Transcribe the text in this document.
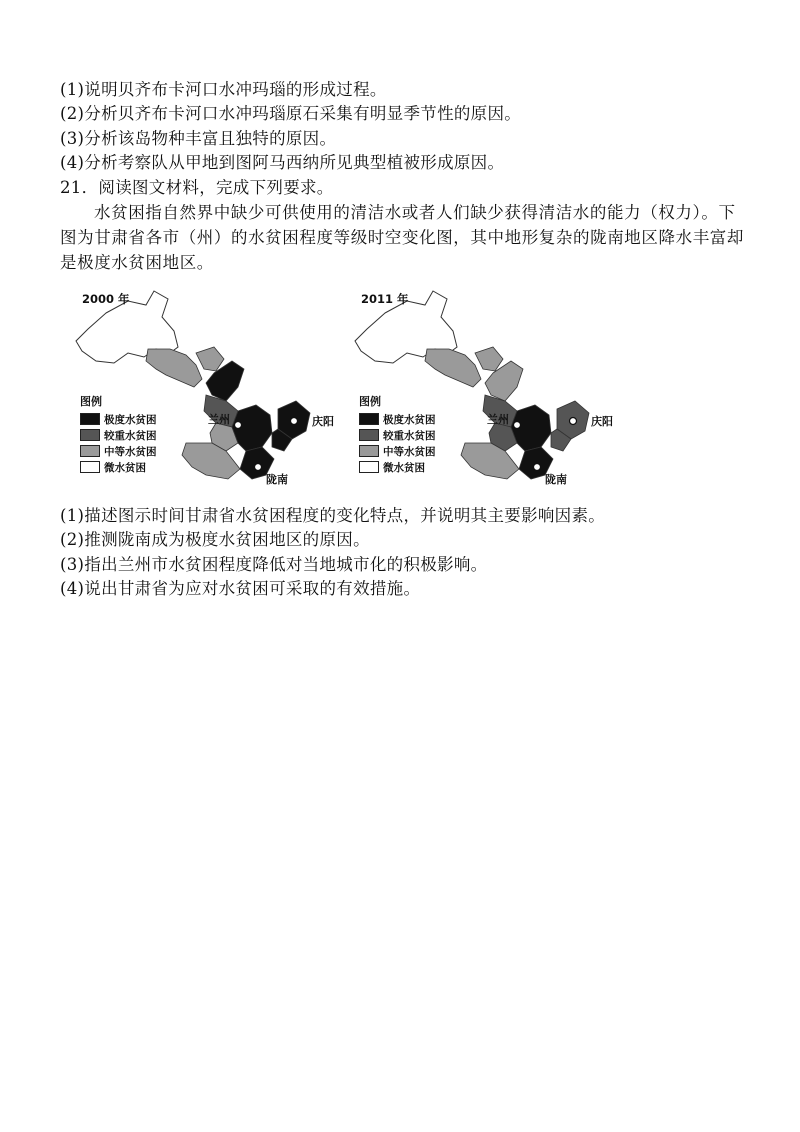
(1)说明贝齐布卡河口水冲玛瑙的形成过程。
(2)分析贝齐布卡河口水冲玛瑙原石采集有明显季节性的原因。
(3)分析该岛物种丰富且独特的原因。
(4)分析考察队从甲地到图阿马西纳所见典型植被形成原因。
21．阅读图文材料，完成下列要求。
水贫困指自然界中缺少可供使用的清洁水或者人们缺少获得清洁水的能力（权力）。下图为甘肃省各市（州）的水贫困程度等级时空变化图，其中地形复杂的陇南地区降水丰富却是极度水贫困地区。
2000 年
图例
极度水贫困
较重水贫困
中等水贫困
微水贫困
兰州	庆阳
陇南
2011 年
图例
极度水贫困
较重水贫困
中等水贫困
微水贫困
兰州	庆阳
陇南
(1)描述图示时间甘肃省水贫困程度的变化特点，并说明其主要影响因素。
(2)推测陇南成为极度水贫困地区的原因。
(3)指出兰州市水贫困程度降低对当地城市化的积极影响。
(4)说出甘肃省为应对水贫困可采取的有效措施。
